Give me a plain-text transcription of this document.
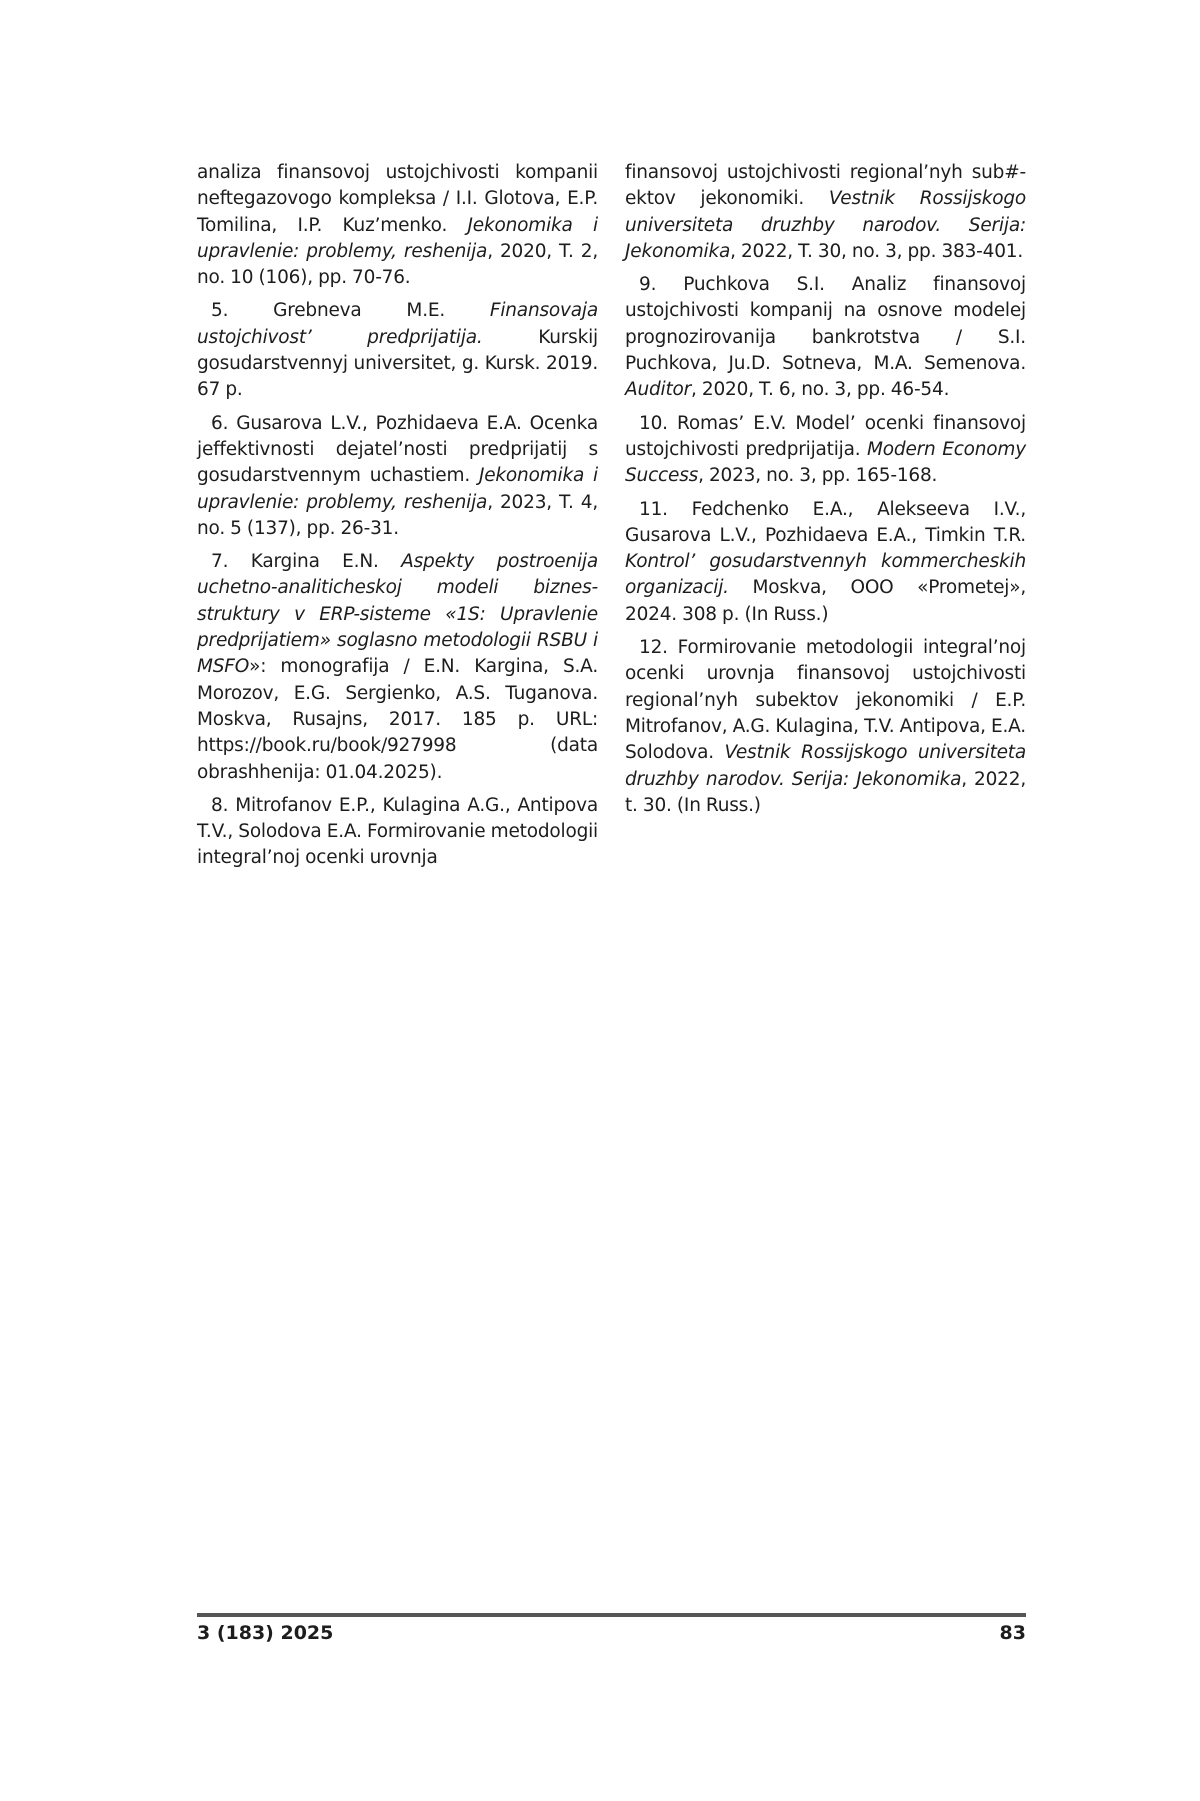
analiza finansovoj ustojchivosti kompanii neftegazovogo kompleksa / I.I. Glotova, E.P. Tomilina, I.P. Kuz’menko. Jekonomika i upravlenie: problemy, reshenija, 2020, T. 2, no. 10 (106), pp. 70-76.

5. Grebneva M.E. Finansovaja ustojchivost’ predprijatija. Kurskij gosudarstvennyj universitet, g. Kursk. 2019. 67 p.

6. Gusarova L.V., Pozhidaeva E.A. Ocenka jeffektivnosti dejatel’nosti predprijatij s gosudarstvennym uchastiem. Jekonomika i upravlenie: problemy, reshenija, 2023, T. 4, no. 5 (137), pp. 26-31.

7. Kargina E.N. Aspekty postroenija uchetno-analiticheskoj modeli biznes-struktury v ERP-sisteme «1S: Upravlenie predprijatiem» soglasno metodologii RSBU i MSFO»: monografija / E.N. Kargina, S.A. Morozov, E.G. Sergienko, A.S. Tuganova. Moskva, Rusajns, 2017. 185 p. URL: https://book.ru/book/927998 (data obrashhenija: 01.04.2025).

8. Mitrofanov E.P., Kulagina A.G., Antipova T.V., Solodova E.A. Formirovanie metodologii integral’noj ocenki urovnja

finansovoj ustojchivosti regional’nyh sub#-ektov jekonomiki. Vestnik Rossijskogo universiteta druzhby narodov. Serija: Jekonomika, 2022, T. 30, no. 3, pp. 383-401.

9. Puchkova S.I. Analiz finansovoj ustojchivosti kompanij na osnove modelej prognozirovanija bankrotstva / S.I. Puchkova, Ju.D. Sotneva, M.A. Semenova. Auditor, 2020, T. 6, no. 3, pp. 46-54.

10. Romas’ E.V. Model’ ocenki finansovoj ustojchivosti predprijatija. Modern Economy Success, 2023, no. 3, pp. 165-168.

11. Fedchenko E.A., Alekseeva I.V., Gusarova L.V., Pozhidaeva E.A., Timkin T.R. Kontrol’ gosudarstvennyh kommercheskih organizacij. Moskva, OOO «Prometej», 2024. 308 p. (In Russ.)

12. Formirovanie metodologii integral’noj ocenki urovnja finansovoj ustojchivosti regional’nyh subektov jekonomiki / E.P. Mitrofanov, A.G. Kulagina, T.V. Antipova, E.A. Solodova. Vestnik Rossijskogo universiteta druzhby narodov. Serija: Jekonomika, 2022, t. 30. (In Russ.)

3 (183) 2025	83
